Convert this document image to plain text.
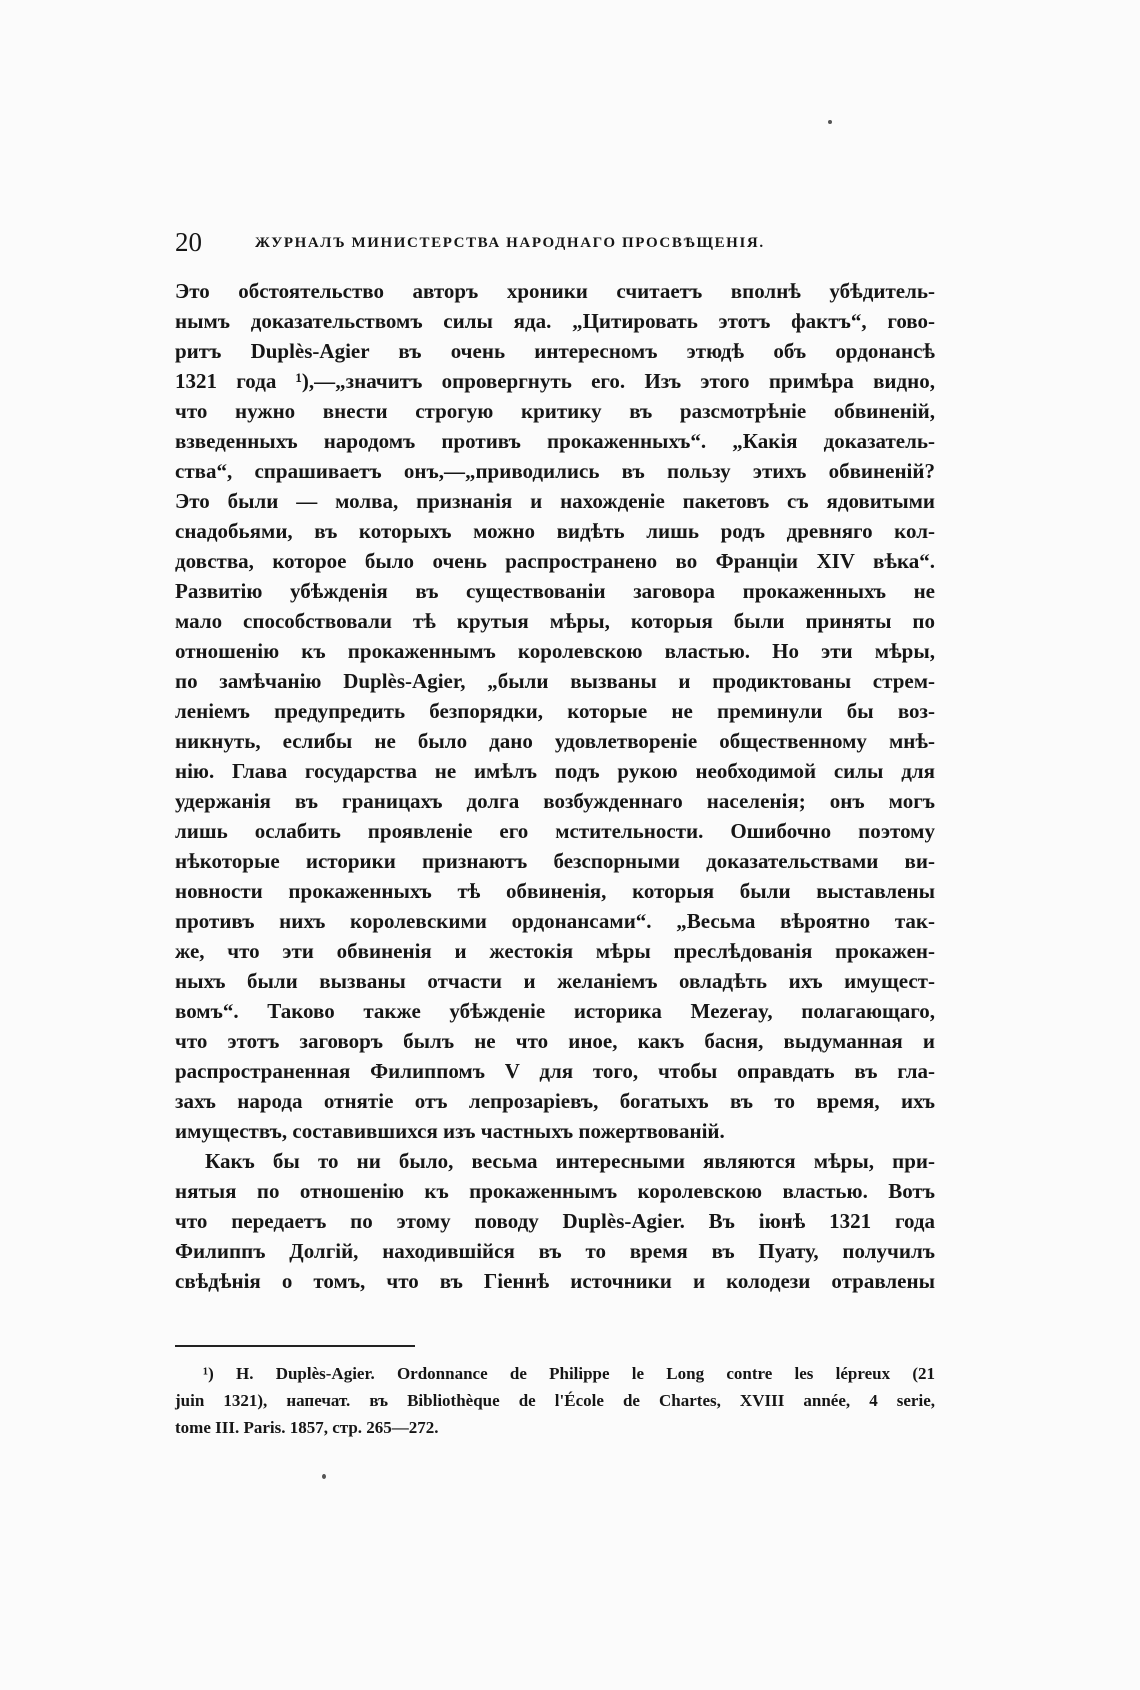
20	ЖУРНАЛЪ МИНИСТЕРСТВА НАРОДНАГО ПРОСВѢЩЕНІЯ.
Это обстоятельство авторъ хроники считаетъ вполнѣ убѣдитель-
нымъ доказательствомъ силы яда. „Цитировать этотъ фактъ“, гово-
ритъ Duplès-Agier въ очень интересномъ этюдѣ объ ордонансѣ
1321 года ¹),—„значитъ опровергнуть его. Изъ этого примѣра видно,
что нужно внести строгую критику въ разсмотрѣніе обвиненій,
взведенныхъ народомъ противъ прокаженныхъ“. „Какія доказатель-
ства“, спрашиваетъ онъ,—„приводились въ пользу этихъ обвиненій?
Это были — молва, признанія и нахожденіе пакетовъ съ ядовитыми
снадобьями, въ которыхъ можно видѣть лишь родъ древняго кол-
довства, которое было очень распространено во Франціи XIV вѣка“.
Развитію убѣжденія въ существованіи заговора прокаженныхъ не
мало способствовали тѣ крутыя мѣры, которыя были приняты по
отношенію къ прокаженнымъ королевскою властью. Но эти мѣры,
по замѣчанію Duplès-Agier, „были вызваны и продиктованы стрем-
леніемъ предупредить безпорядки, которые не преминули бы воз-
никнуть, еслибы не было дано удовлетвореніе общественному мнѣ-
нію. Глава государства не имѣлъ подъ рукою необходимой силы для
удержанія въ границахъ долга возбужденнаго населенія; онъ могъ
лишь ослабить проявленіе его мстительности. Ошибочно поэтому
нѣкоторые историки признаютъ безспорными доказательствами ви-
новности прокаженныхъ тѣ обвиненія, которыя были выставлены
противъ нихъ королевскими ордонансами“. „Весьма вѣроятно так-
же, что эти обвиненія и жестокія мѣры преслѣдованія прокажен-
ныхъ были вызваны отчасти и желаніемъ овладѣть ихъ имущест-
вомъ“. Таково также убѣжденіе историка Mezeray, полагающаго,
что этотъ заговоръ былъ не что иное, какъ басня, выдуманная и
распространенная Филиппомъ V для того, чтобы оправдать въ гла-
захъ народа отнятіе отъ лепрозаріевъ, богатыхъ въ то время, ихъ
имуществъ, составившихся изъ частныхъ пожертвованій.
Какъ бы то ни было, весьма интересными являются мѣры, при-
нятыя по отношенію къ прокаженнымъ королевскою властью. Вотъ
что передаетъ по этому поводу Duplès-Agier. Въ іюнѣ 1321 года
Филиппъ Долгій, находившійся въ то время въ Пуату, получилъ
свѣдѣнія о томъ, что въ Гіеннѣ источники и колодези отравлены
¹) H. Duplès-Agier. Ordonnance de Philippe le Long contre les lépreux (21
juin 1321), напечат. въ Bibliothèque de l'École de Chartes, XVIII année, 4 serie,
tome III. Paris. 1857, стр. 265—272.
